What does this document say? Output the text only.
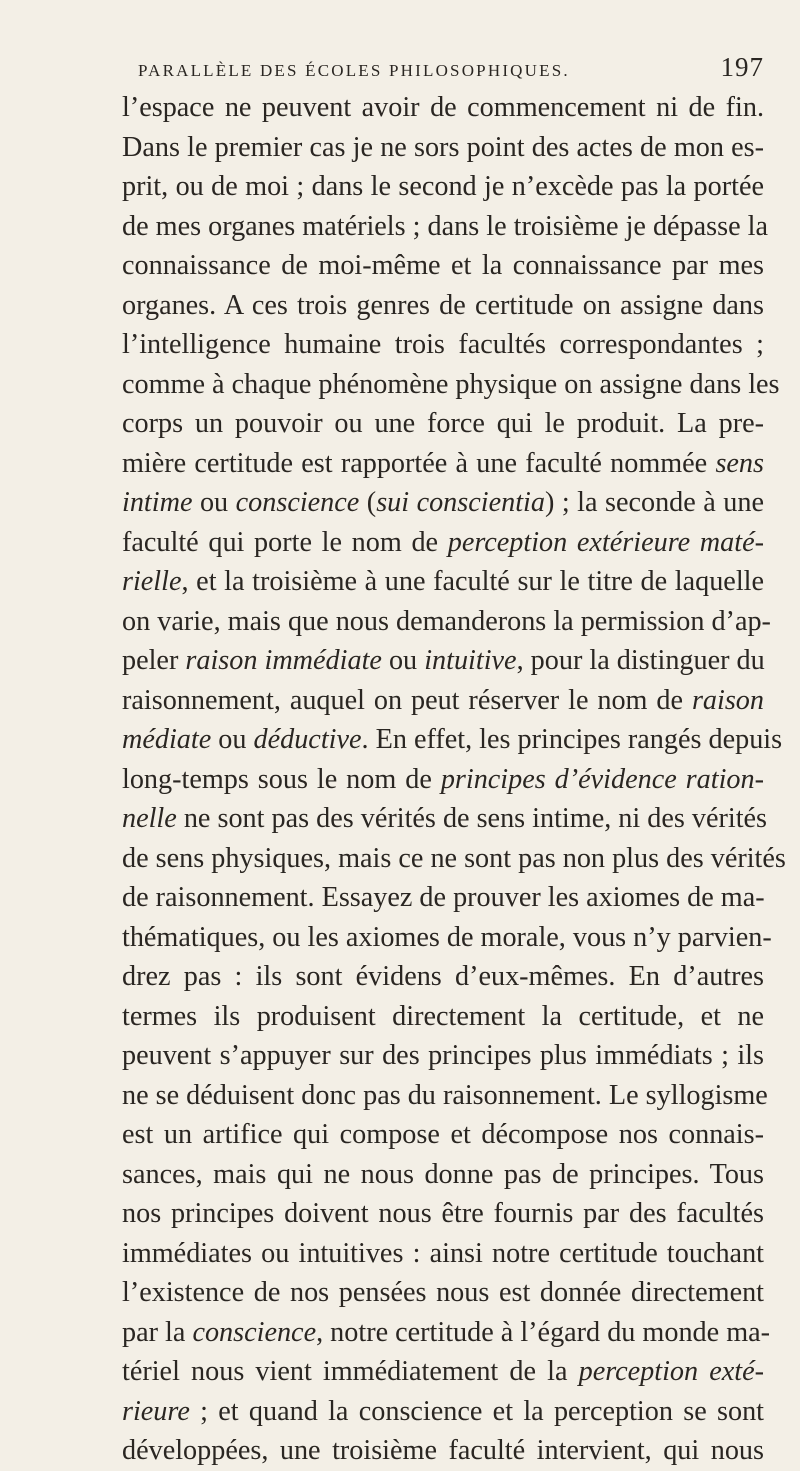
PARALLÈLE DES ÉCOLES PHILOSOPHIQUES.	197
l’espace ne peuvent avoir de commencement ni de fin.
Dans le premier cas je ne sors point des actes de mon es-
prit, ou de moi ; dans le second je n’excède pas la portée
de mes organes matériels ; dans le troisième je dépasse la
connaissance de moi-même et la connaissance par mes
organes. A ces trois genres de certitude on assigne dans
l’intelligence humaine trois facultés correspondantes ;
comme à chaque phénomène physique on assigne dans les
corps un pouvoir ou une force qui le produit. La pre-
mière certitude est rapportée à une faculté nommée sens
intime ou conscience (sui conscientia) ; la seconde à une
faculté qui porte le nom de perception extérieure maté-
rielle, et la troisième à une faculté sur le titre de laquelle
on varie, mais que nous demanderons la permission d’ap-
peler raison immédiate ou intuitive, pour la distinguer du
raisonnement, auquel on peut réserver le nom de raison
médiate ou déductive. En effet, les principes rangés depuis
long-temps sous le nom de principes d’évidence ration-
nelle ne sont pas des vérités de sens intime, ni des vérités
de sens physiques, mais ce ne sont pas non plus des vérités
de raisonnement. Essayez de prouver les axiomes de ma-
thématiques, ou les axiomes de morale, vous n’y parvien-
drez pas : ils sont évidens d’eux-mêmes. En d’autres
termes ils produisent directement la certitude, et ne
peuvent s’appuyer sur des principes plus immédiats ; ils
ne se déduisent donc pas du raisonnement. Le syllogisme
est un artifice qui compose et décompose nos connais-
sances, mais qui ne nous donne pas de principes. Tous
nos principes doivent nous être fournis par des facultés
immédiates ou intuitives : ainsi notre certitude touchant
l’existence de nos pensées nous est donnée directement
par la conscience, notre certitude à l’égard du monde ma-
tériel nous vient immédiatement de la perception exté-
rieure ; et quand la conscience et la perception se sont
développées, une troisième faculté intervient, qui nous
